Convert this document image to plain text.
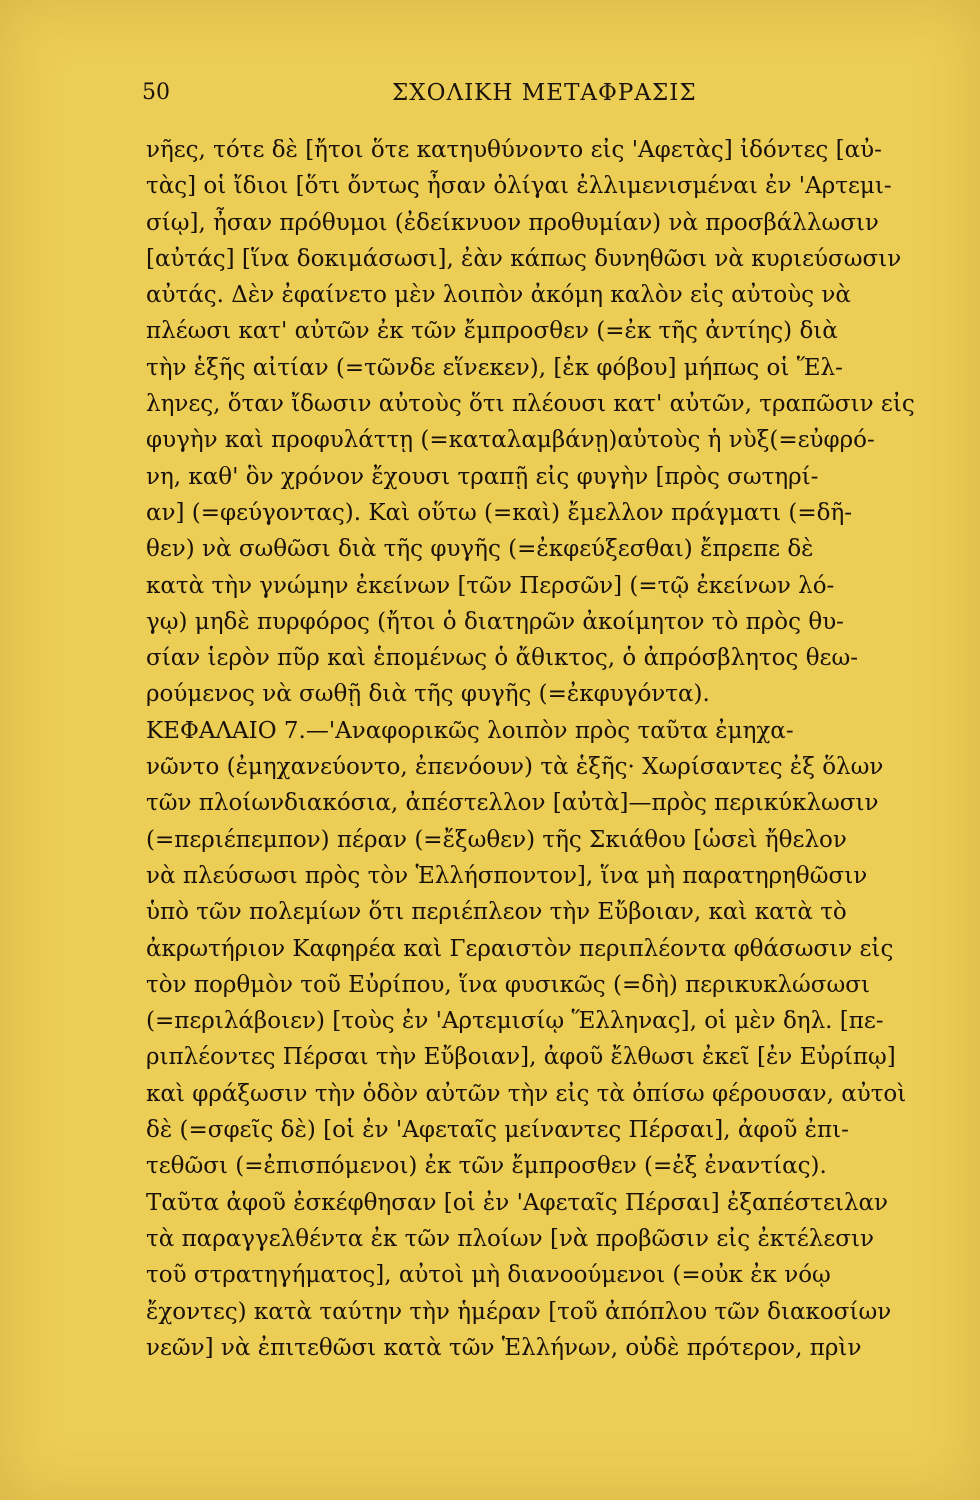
50	ΣΧΟΛΙΚΗ ΜΕΤΑΦΡΑΣΙΣ
νῆες, τότε δὲ [ἤτοι ὅτε κατηυθύνοντο εἰς 'Αφετὰς] ἰδόντες [αὐ-
τὰς] οἱ ἴδιοι [ὅτι ὄντως ἦσαν ὀλίγαι ἐλλιμενισμέναι ἐν 'Αρτεμι-
σίῳ], ἦσαν πρόθυμοι (ἐδείκνυον προθυμίαν) νὰ προσβάλλωσιν
[αὐτάς] [ἵνα δοκιμάσωσι], ἐὰν κάπως δυνηθῶσι νὰ κυριεύσωσιν
αὐτάς. Δὲν ἐφαίνετο μὲν λοιπὸν ἀκόμη καλὸν εἰς αὐτοὺς νὰ
πλέωσι κατ' αὐτῶν ἐκ τῶν ἔμπροσθεν (=ἐκ τῆς ἀντίης) διὰ
τὴν ἑξῆς αἰτίαν (=τῶνδε εἵνεκεν), [ἐκ φόβου] μήπως οἱ Ἕλ-
ληνες, ὅταν ἴδωσιν αὐτοὺς ὅτι πλέουσι κατ' αὐτῶν, τραπῶσιν εἰς
φυγὴν καὶ προφυλάττῃ (=καταλαμβάνῃ)αὐτοὺς ἡ νὺξ(=εὐφρό-
νη, καθ' ὃν χρόνον ἔχουσι τραπῇ εἰς φυγὴν [πρὸς σωτηρί-
αν] (=φεύγοντας). Καὶ οὕτω (=καὶ) ἔμελλον πράγματι (=δῆ-
θεν) νὰ σωθῶσι διὰ τῆς φυγῆς (=ἐκφεύξεσθαι) ἔπρεπε δὲ
κατὰ τὴν γνώμην ἐκείνων [τῶν Περσῶν] (=τῷ ἐκείνων λό-
γῳ) μηδὲ πυρφόρος (ἤτοι ὁ διατηρῶν ἀκοίμητον τὸ πρὸς θυ-
σίαν ἱερὸν πῦρ καὶ ἑπομένως ὁ ἄθικτος, ὁ ἀπρόσβλητος θεω-
ρούμενος νὰ σωθῇ διὰ τῆς φυγῆς (=ἐκφυγόντα).
ΚΕΦΑΛΑΙΟ 7.—'Αναφορικῶς λοιπὸν πρὸς ταῦτα ἐμηχα-
νῶντο (ἐμηχανεύοντο, ἐπενόουν) τὰ ἑξῆς· Χωρίσαντες ἐξ ὅλων
τῶν πλοίωνδιακόσια, ἀπέστελλον [αὐτὰ]—πρὸς περικύκλωσιν
(=περιέπεμπον) πέραν (=ἔξωθεν) τῆς Σκιάθου [ὡσεὶ ἤθελον
νὰ πλεύσωσι πρὸς τὸν Ἑλλήσποντον], ἵνα μὴ παρατηρηθῶσιν
ὑπὸ τῶν πολεμίων ὅτι περιέπλεον τὴν Εὔβοιαν, καὶ κατὰ τὸ
ἀκρωτήριον Καφηρέα καὶ Γεραιστὸν περιπλέοντα φθάσωσιν εἰς
τὸν πορθμὸν τοῦ Εὐρίπου, ἵνα φυσικῶς (=δὴ) περικυκλώσωσι
(=περιλάβοιεν) [τοὺς ἐν 'Αρτεμισίῳ Ἕλληνας], οἱ μὲν δηλ. [πε-
ριπλέοντες Πέρσαι τὴν Εὔβοιαν], ἀφοῦ ἔλθωσι ἐκεῖ [ἐν Εὐρίπῳ]
καὶ φράξωσιν τὴν ὁδὸν αὐτῶν τὴν εἰς τὰ ὀπίσω φέρουσαν, αὐτοὶ
δὲ (=σφεῖς δὲ) [οἱ ἐν 'Αφεταῖς μείναντες Πέρσαι], ἀφοῦ ἐπι-
τεθῶσι (=ἐπισπόμενοι) ἐκ τῶν ἔμπροσθεν (=ἐξ ἐναντίας).
Ταῦτα ἀφοῦ ἐσκέφθησαν [οἱ ἐν 'Αφεταῖς Πέρσαι] ἐξαπέστειλαν
τὰ παραγγελθέντα ἐκ τῶν πλοίων [νὰ προβῶσιν εἰς ἐκτέλεσιν
τοῦ στρατηγήματος], αὐτοὶ μὴ διανοούμενοι (=οὐκ ἐκ νόῳ
ἔχοντες) κατὰ ταύτην τὴν ἡμέραν [τοῦ ἀπόπλου τῶν διακοσίων
νεῶν] νὰ ἐπιτεθῶσι κατὰ τῶν Ἑλλήνων, οὐδὲ πρότερον, πρὶν
